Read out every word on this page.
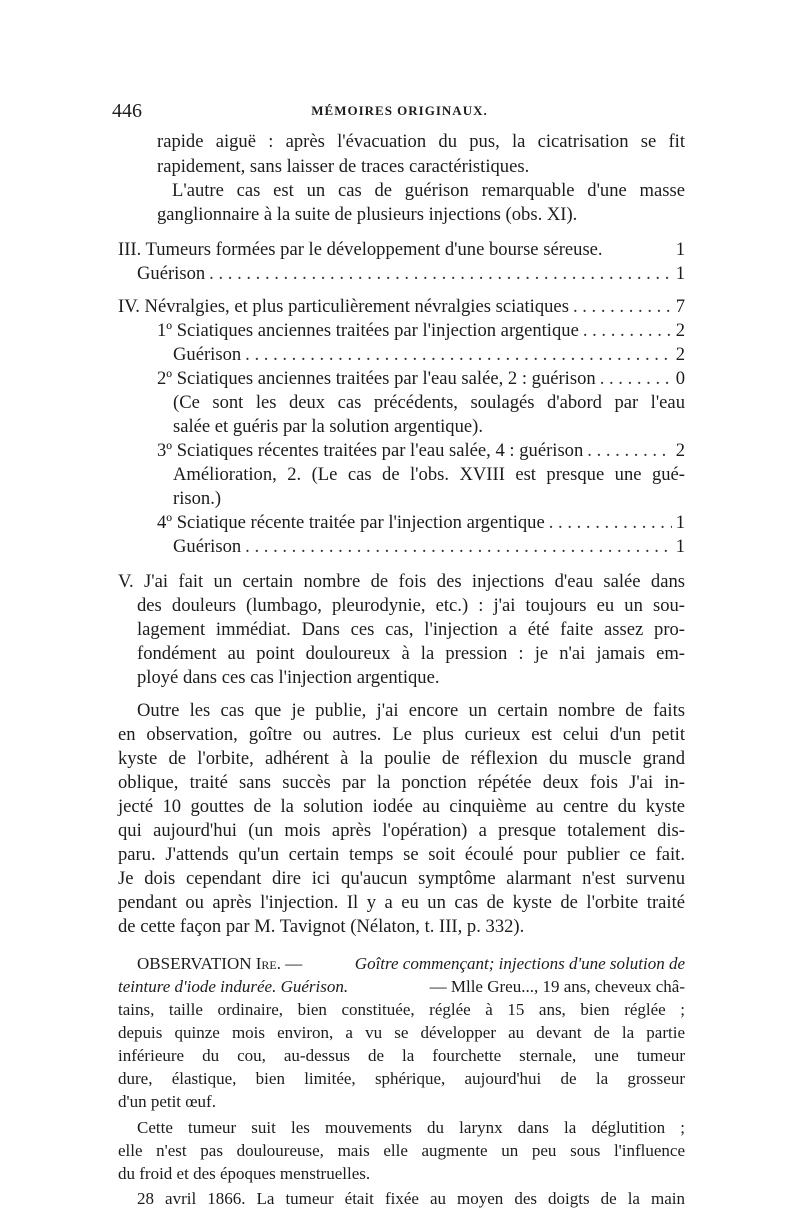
446	MÉMOIRES ORIGINAUX.
rapide aiguë : après l'évacuation du pus, la cicatrisation se fit
rapidement, sans laisser de traces caractéristiques.
L'autre cas est un cas de guérison remarquable d'une masse
ganglionnaire à la suite de plusieurs injections (obs. XI).
III. Tumeurs formées par le développement d'une bourse séreuse.	1
Guérison . . .	1
IV. Névralgies, et plus particulièrement névralgies sciatiques . . .	7
1º Sciatiques anciennes traitées par l'injection argentique . . .	2
Guérison . . .	2
2º Sciatiques anciennes traitées par l'eau salée, 2 : guérison . . .	0
(Ce sont les deux cas précédents, soulagés d'abord par l'eau
salée et guéris par la solution argentique).
3º Sciatiques récentes traitées par l'eau salée, 4 : guérison . . .	2
Amélioration, 2. (Le cas de l'obs. XVIII est presque une gué-
rison.)
4º Sciatique récente traitée par l'injection argentique . . .	1
Guérison . . .	1
V. J'ai fait un certain nombre de fois des injections d'eau salée dans
des douleurs (lumbago, pleurodynie, etc.) : j'ai toujours eu un sou-
lagement immédiat. Dans ces cas, l'injection a été faite assez pro-
fondément au point douloureux à la pression : je n'ai jamais em-
ployé dans ces cas l'injection argentique.
Outre les cas que je publie, j'ai encore un certain nombre de faits
en observation, goître ou autres. Le plus curieux est celui d'un petit
kyste de l'orbite, adhérent à la poulie de réflexion du muscle grand
oblique, traité sans succès par la ponction répétée deux fois J'ai in-
jecté 10 gouttes de la solution iodée au cinquième au centre du kyste
qui aujourd'hui (un mois après l'opération) a presque totalement dis-
paru. J'attends qu'un certain temps se soit écoulé pour publier ce fait.
Je dois cependant dire ici qu'aucun symptôme alarmant n'est survenu
pendant ou après l'injection. Il y a eu un cas de kyste de l'orbite traité
de cette façon par M. Tavignot (Nélaton, t. III, p. 332).
OBSERVATION Ire. —	Goître commençant; injections d'une solution de
teinture d'iode indurée. Guérison.	— Mlle Greu..., 19 ans, cheveux châ-
tains, taille ordinaire, bien constituée, réglée à 15 ans, bien réglée ;
depuis quinze mois environ, a vu se développer au devant de la partie
inférieure du cou, au-dessus de la fourchette sternale, une tumeur
dure, élastique, bien limitée, sphérique, aujourd'hui de la grosseur
d'un petit œuf.
Cette tumeur suit les mouvements du larynx dans la déglutition ;
elle n'est pas douloureuse, mais elle augmente un peu sous l'influence
du froid et des époques menstruelles.
28 avril 1866. La tumeur était fixée au moyen des doigts de la main
